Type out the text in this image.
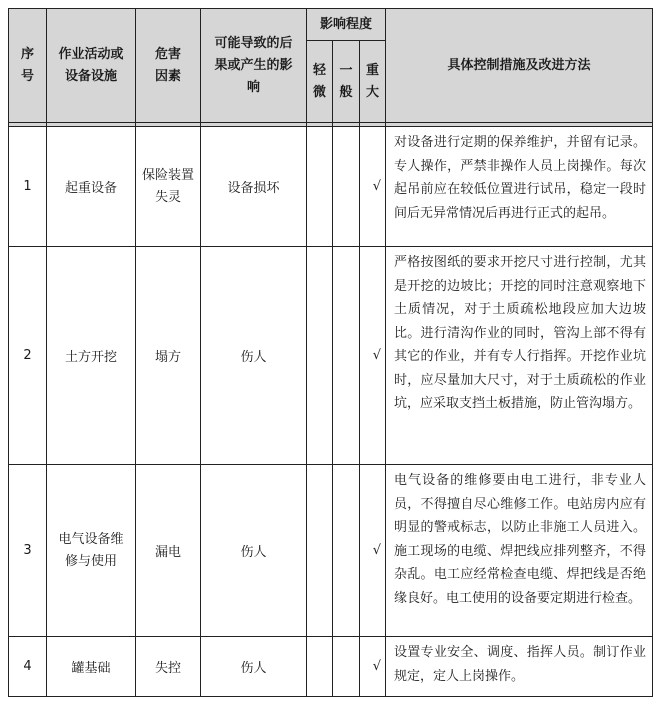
序号	作业活动或设备设施	危害因素	可能导致的后果或产生的影响	影响程度			具体控制措施及改进方法

				轻微	一般	重大	

1	起重设备	保险装置失灵	设备损坏			√	对设备进行定期的保养维护，并留有记录。专人操作，严禁非操作人员上岗操作。每次起吊前应在较低位置进行试吊，稳定一段时间后无异常情况后再进行正式的起吊。
2	土方开挖	塌方	伤人			√	严格按图纸的要求开挖尺寸进行控制，尤其是开挖的边坡比；开挖的同时注意观察地下土质情况，对于土质疏松地段应加大边坡比。进行清沟作业的同时，管沟上部不得有其它的作业，并有专人行指挥。开挖作业坑时，应尽量加大尺寸，对于土质疏松的作业坑，应采取支挡土板措施，防止管沟塌方。
3	电气设备维修与使用	漏电	伤人			√	电气设备的维修要由电工进行，非专业人员，不得擅自尽心维修工作。电站房内应有明显的警戒标志，以防止非施工人员进入。施工现场的电缆、焊把线应排列整齐，不得杂乱。电工应经常检查电缆、焊把线是否绝缘良好。电工使用的设备要定期进行检查。
4	罐基础	失控	伤人			√	设置专业安全、调度、指挥人员。制订作业规定，定人上岗操作。
